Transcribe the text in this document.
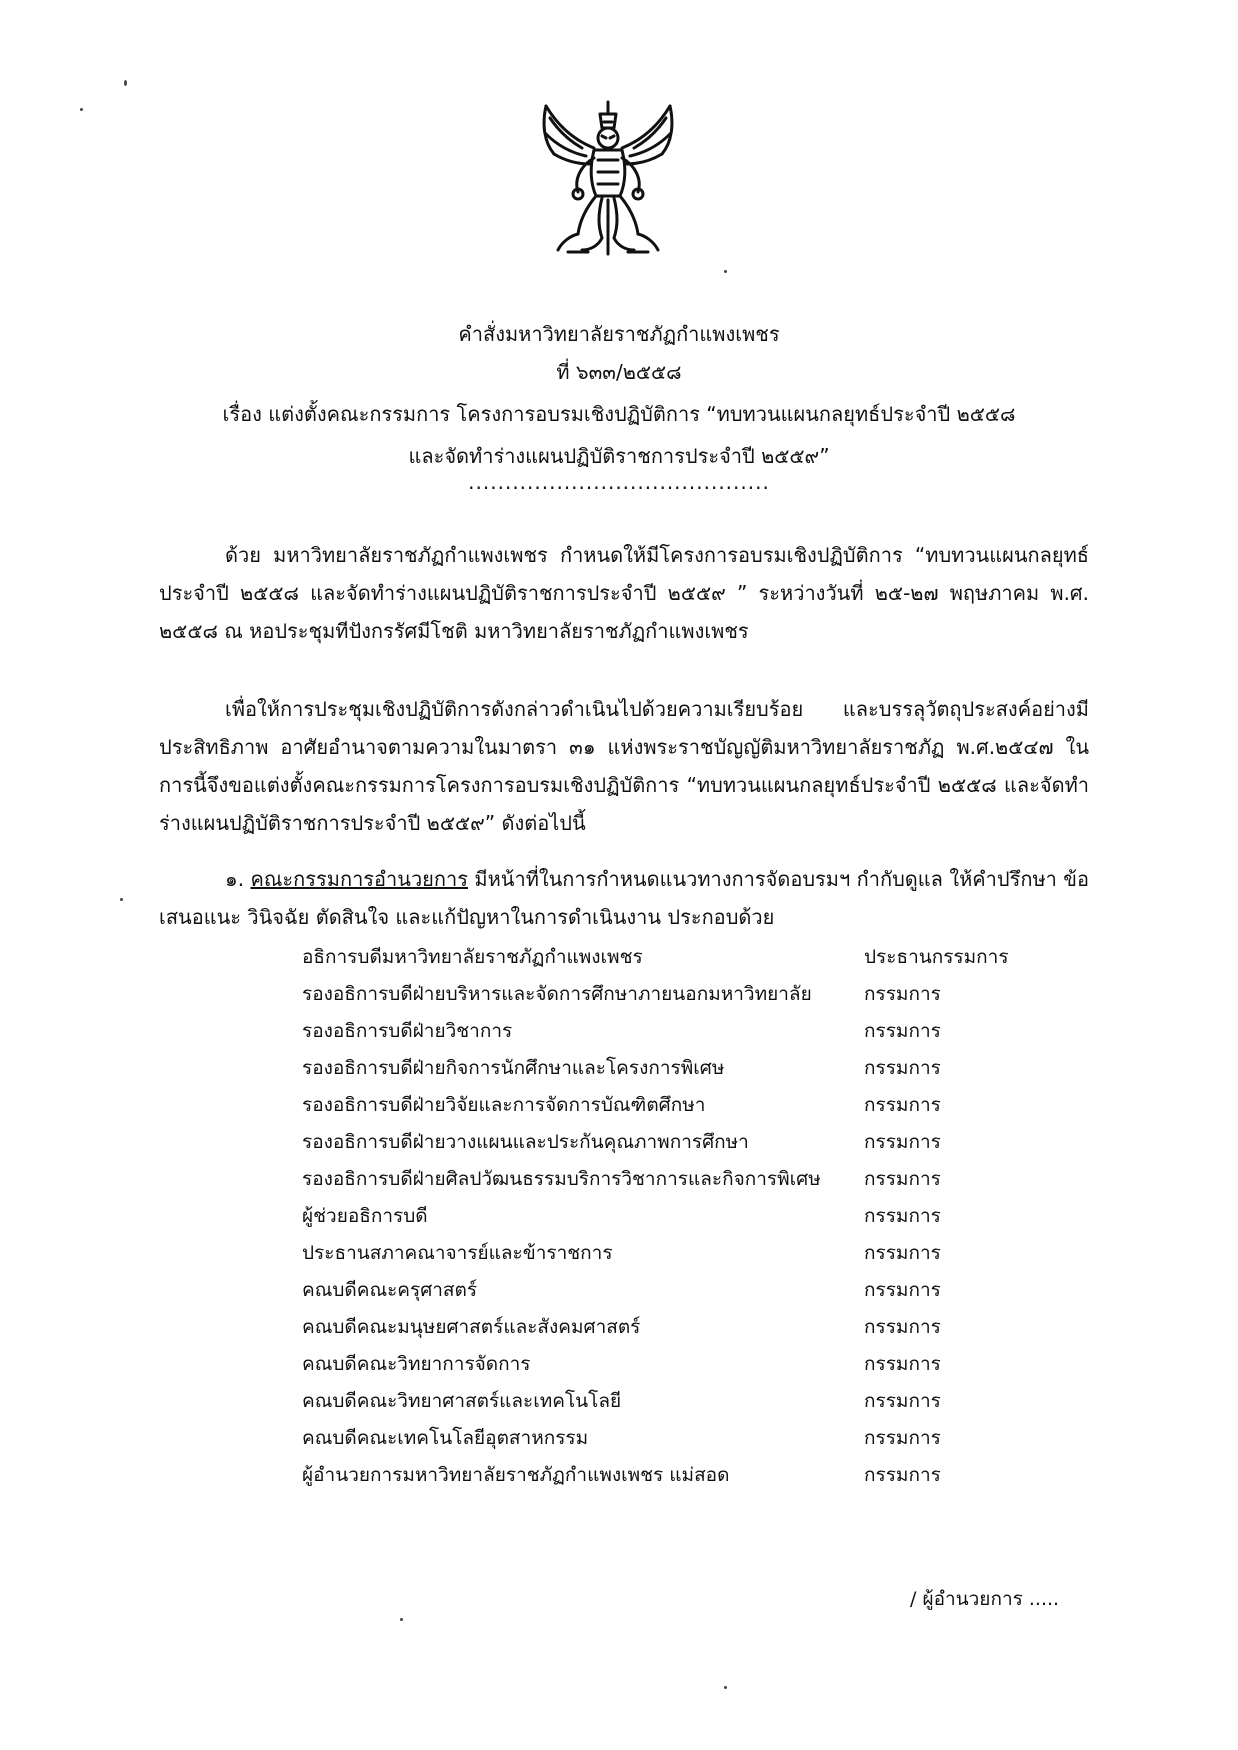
คำสั่งมหาวิทยาลัยราชภัฏกำแพงเพชร
ที่ ๖๓๓/๒๕๕๘
เรื่อง แต่งตั้งคณะกรรมการ โครงการอบรมเชิงปฏิบัติการ “ทบทวนแผนกลยุทธ์ประจำปี ๒๕๕๘
และจัดทำร่างแผนปฏิบัติราชการประจำปี ๒๕๕๙”
.........................................
ด้วย มหาวิทยาลัยราชภัฏกำแพงเพชร กำหนดให้มีโครงการอบรมเชิงปฏิบัติการ “ทบทวนแผนกลยุทธ์ประจำปี ๒๕๕๘ และจัดทำร่างแผนปฏิบัติราชการประจำปี ๒๕๕๙ ” ระหว่างวันที่ ๒๕-๒๗ พฤษภาคม พ.ศ. ๒๕๕๘ ณ หอประชุมทีปังกรรัศมีโชติ มหาวิทยาลัยราชภัฏกำแพงเพชร
เพื่อให้การประชุมเชิงปฏิบัติการดังกล่าวดำเนินไปด้วยความเรียบร้อย และบรรลุวัตถุประสงค์อย่างมีประสิทธิภาพ อาศัยอำนาจตามความในมาตรา ๓๑ แห่งพระราชบัญญัติมหาวิทยาลัยราชภัฏ พ.ศ.๒๕๔๗ ในการนี้จึงขอแต่งตั้งคณะกรรมการโครงการอบรมเชิงปฏิบัติการ “ทบทวนแผนกลยุทธ์ประจำปี ๒๕๕๘ และจัดทำร่างแผนปฏิบัติราชการประจำปี ๒๕๕๙” ดังต่อไปนี้
๑. คณะกรรมการอำนวยการ มีหน้าที่ในการกำหนดแนวทางการจัดอบรมฯ กำกับดูแล ให้คำปรึกษา ข้อเสนอแนะ วินิจฉัย ตัดสินใจ และแก้ปัญหาในการดำเนินงาน ประกอบด้วย
อธิการบดีมหาวิทยาลัยราชภัฏกำแพงเพชร	ประธานกรรมการ
รองอธิการบดีฝ่ายบริหารและจัดการศึกษาภายนอกมหาวิทยาลัย	กรรมการ
รองอธิการบดีฝ่ายวิชาการ	กรรมการ
รองอธิการบดีฝ่ายกิจการนักศึกษาและโครงการพิเศษ	กรรมการ
รองอธิการบดีฝ่ายวิจัยและการจัดการบัณฑิตศึกษา	กรรมการ
รองอธิการบดีฝ่ายวางแผนและประกันคุณภาพการศึกษา	กรรมการ
รองอธิการบดีฝ่ายศิลปวัฒนธรรมบริการวิชาการและกิจการพิเศษ	กรรมการ
ผู้ช่วยอธิการบดี	กรรมการ
ประธานสภาคณาจารย์และข้าราชการ	กรรมการ
คณบดีคณะครุศาสตร์	กรรมการ
คณบดีคณะมนุษยศาสตร์และสังคมศาสตร์	กรรมการ
คณบดีคณะวิทยาการจัดการ	กรรมการ
คณบดีคณะวิทยาศาสตร์และเทคโนโลยี	กรรมการ
คณบดีคณะเทคโนโลยีอุตสาหกรรม	กรรมการ
ผู้อำนวยการมหาวิทยาลัยราชภัฏกำแพงเพชร แม่สอด	กรรมการ
/ ผู้อำนวยการ .....
